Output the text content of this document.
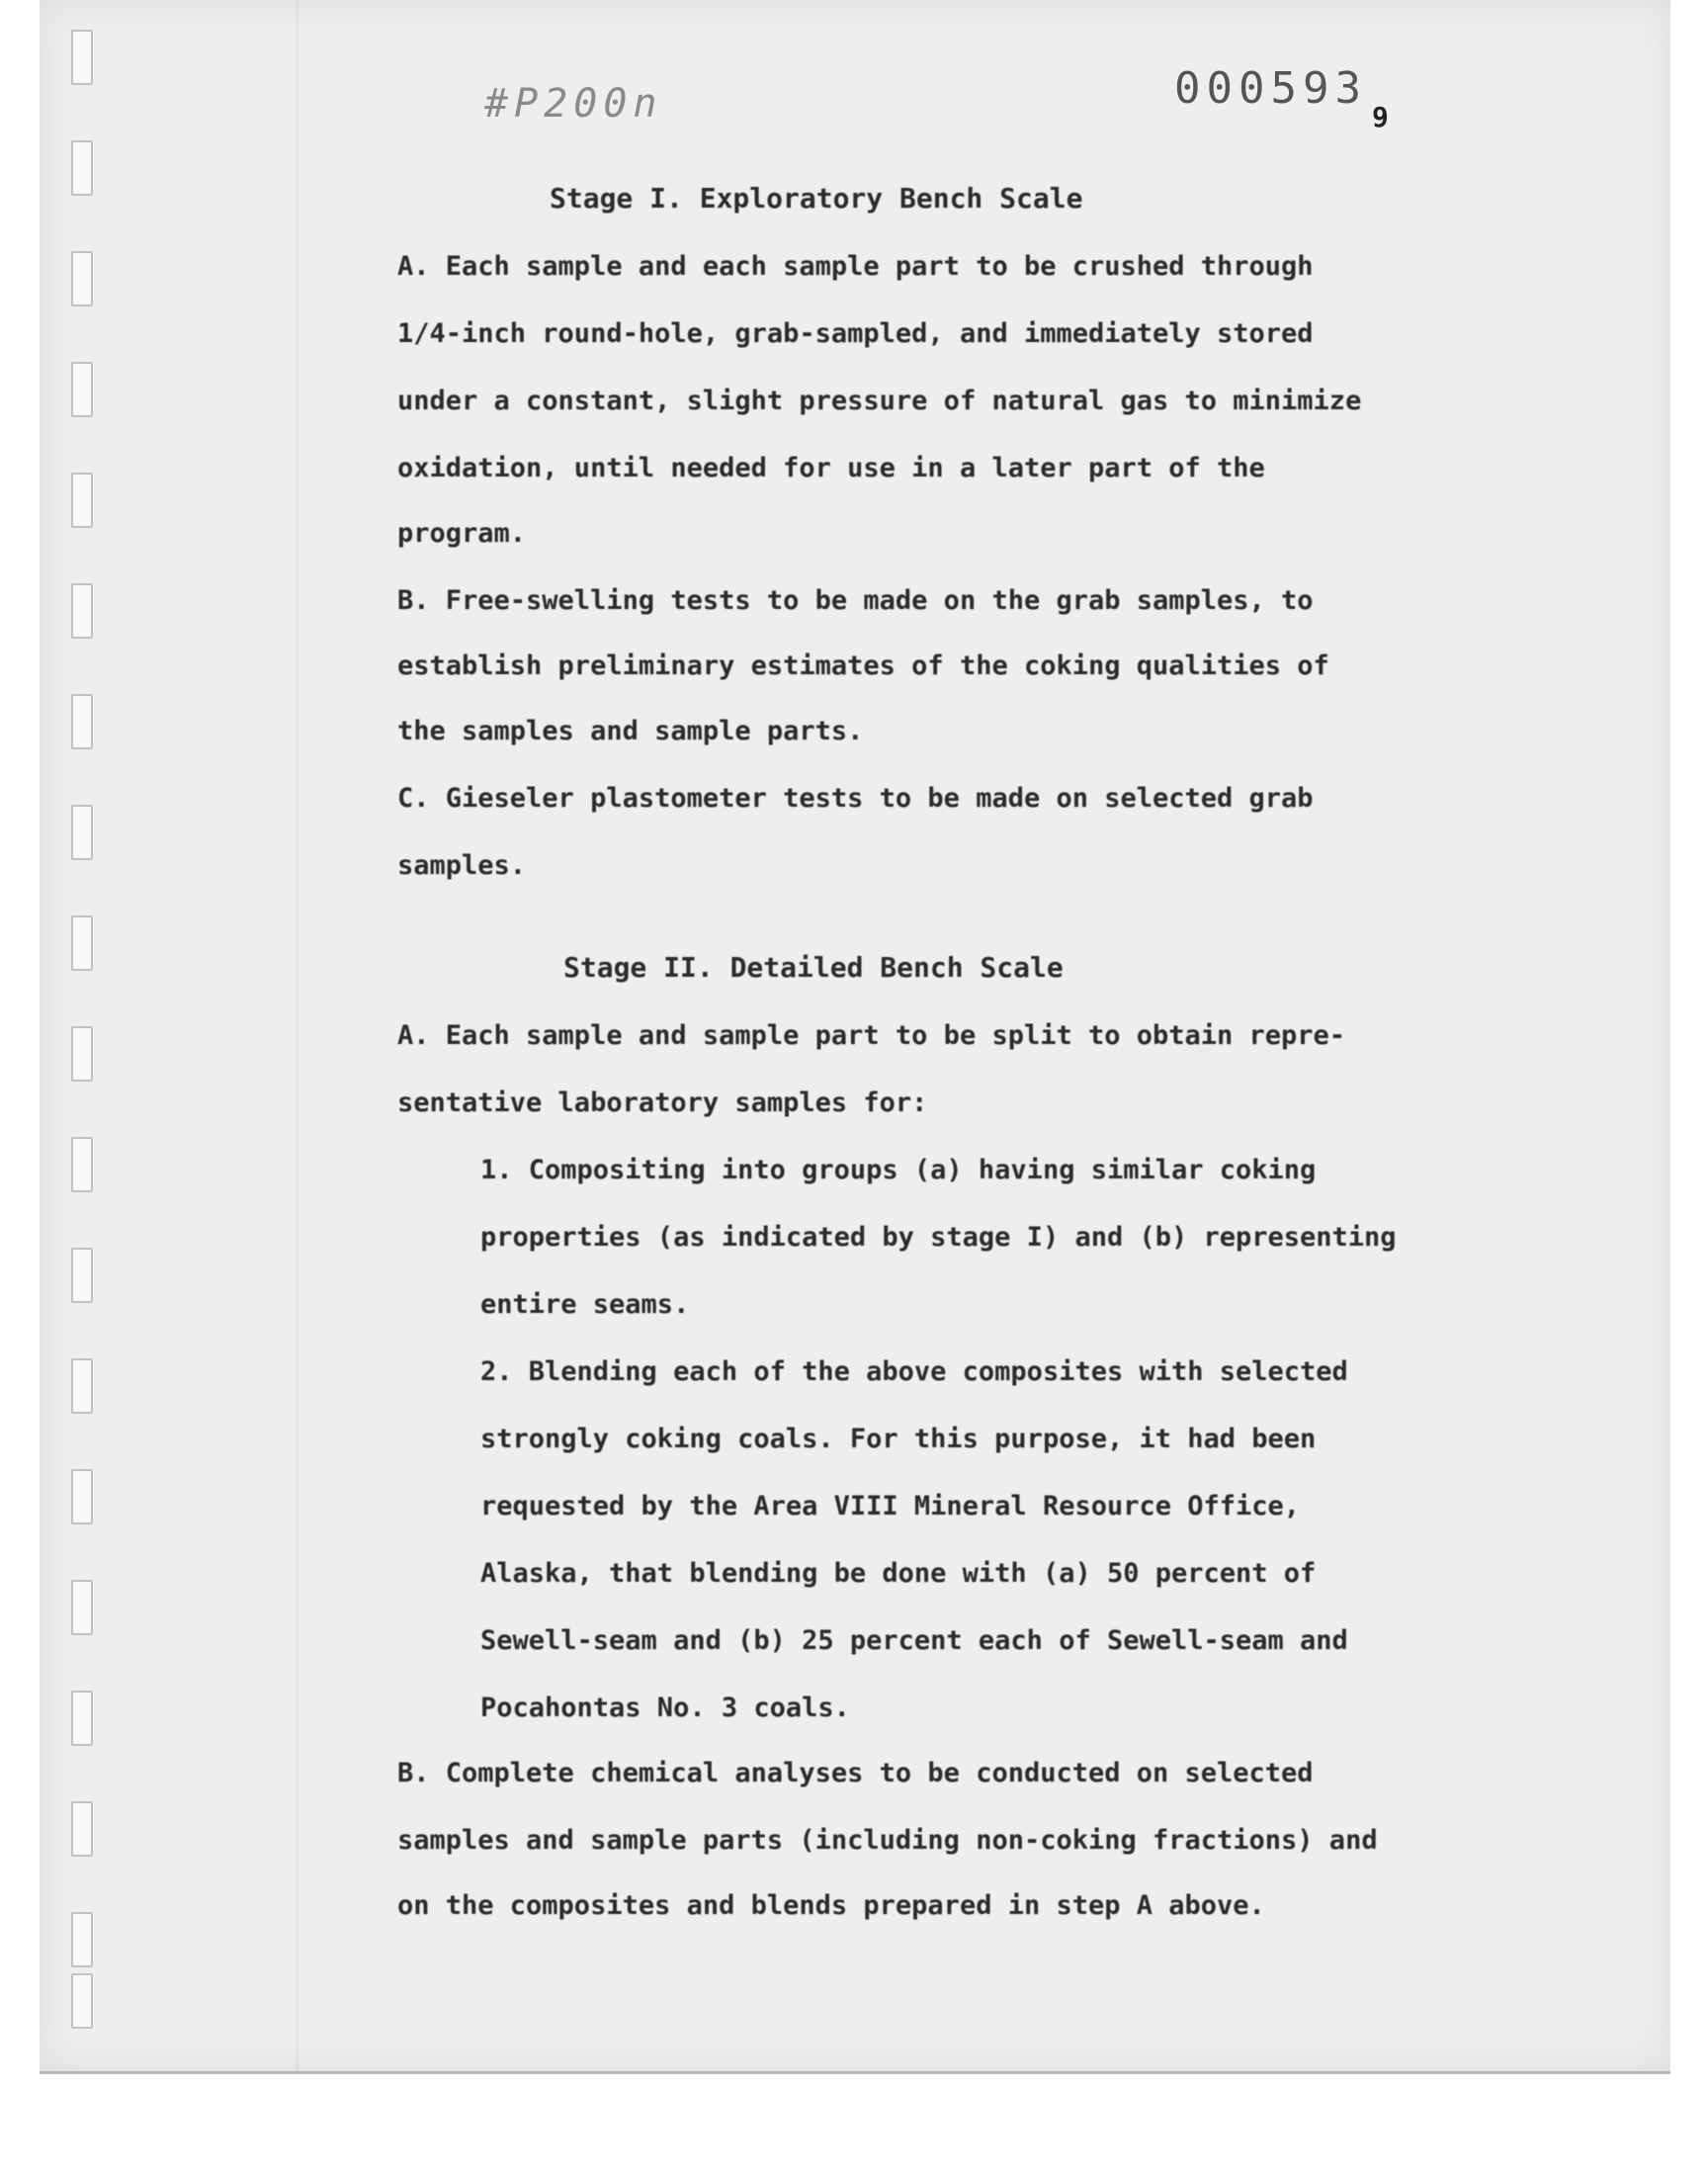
#P200n	000593
9
Stage I. Exploratory Bench Scale
A. Each sample and each sample part to be crushed through
1/4-inch round-hole, grab-sampled, and immediately stored
under a constant, slight pressure of natural gas to minimize
oxidation, until needed for use in a later part of the
program.
B. Free-swelling tests to be made on the grab samples, to
establish preliminary estimates of the coking qualities of
the samples and sample parts.
C. Gieseler plastometer tests to be made on selected grab
samples.
Stage II. Detailed Bench Scale
A. Each sample and sample part to be split to obtain repre-
sentative laboratory samples for:
1. Compositing into groups (a) having similar coking
properties (as indicated by stage I) and (b) representing
entire seams.
2. Blending each of the above composites with selected
strongly coking coals. For this purpose, it had been
requested by the Area VIII Mineral Resource Office,
Alaska, that blending be done with (a) 50 percent of
Sewell-seam and (b) 25 percent each of Sewell-seam and
Pocahontas No. 3 coals.
B. Complete chemical analyses to be conducted on selected
samples and sample parts (including non-coking fractions) and
on the composites and blends prepared in step A above.
